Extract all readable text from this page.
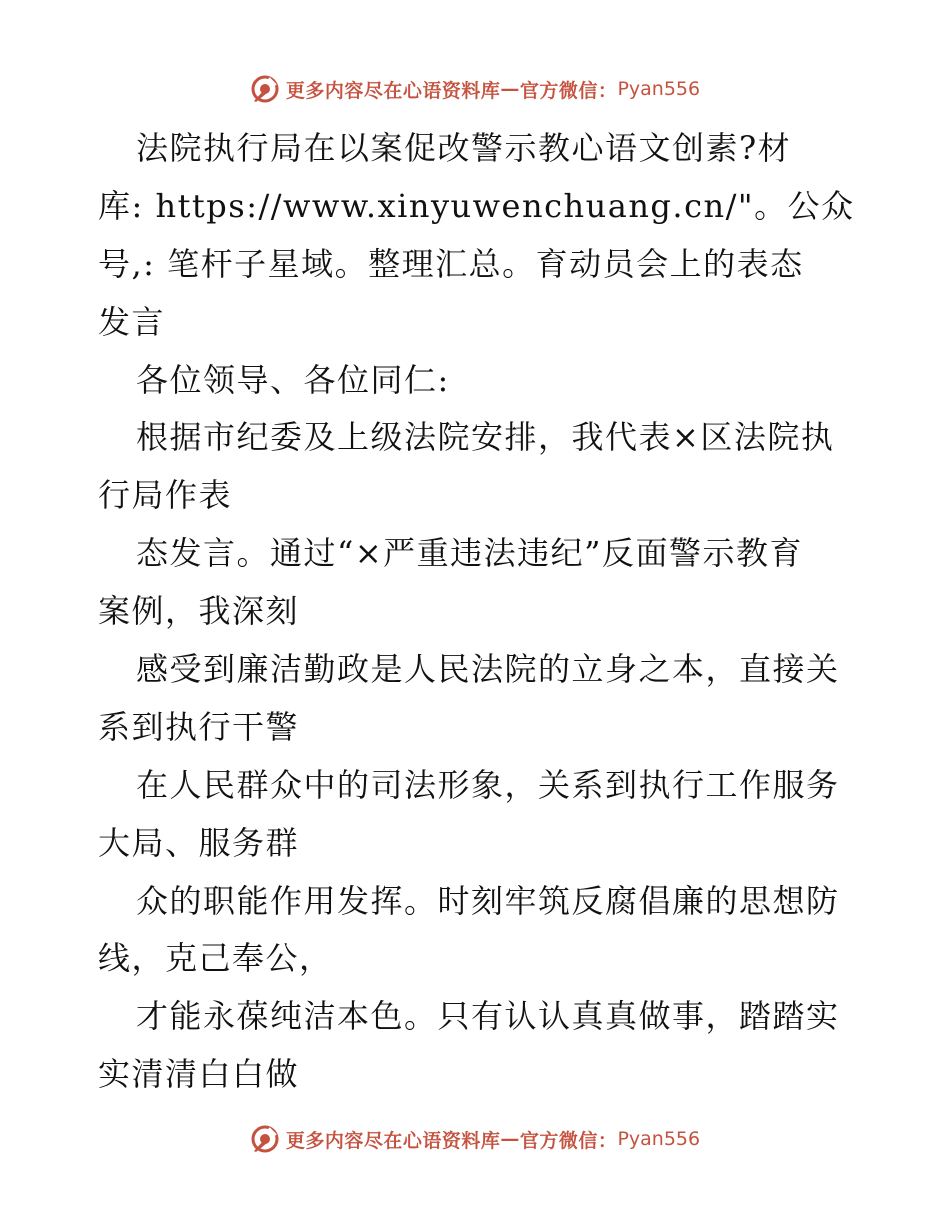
更多内容尽在心语资料库 — 官方微信： Pyan556
法院执行局在以案促改警示教心语文创素?材
库: https://www.xinyuwenchuang.cn/"。公众
号,: 笔杆子星域。整理汇总。育动员会上的表态
发言
各位领导、各位同仁:
根据市纪委及上级法院安排，我代表×区法院执
行局作表
态发言。通过“×严重违法违纪”反面警示教育
案例，我深刻
感受到廉洁勤政是人民法院的立身之本，直接关
系到执行干警
在人民群众中的司法形象，关系到执行工作服务
大局、服务群
众的职能作用发挥。时刻牢筑反腐倡廉的思想防
线，克己奉公，
才能永葆纯洁本色。只有认认真真做事，踏踏实
实清清白白做
更多内容尽在心语资料库 — 官方微信： Pyan556
